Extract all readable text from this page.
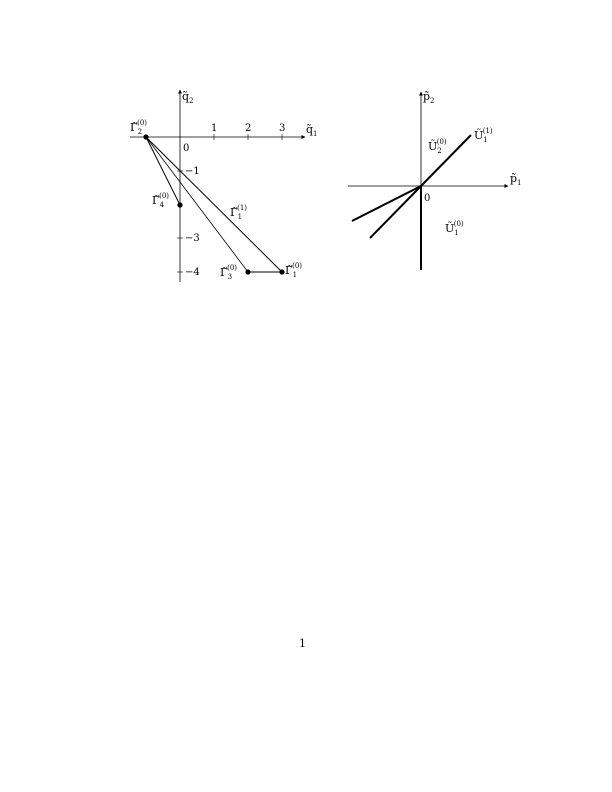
$q̃_2$
$q̃_1$
1	2	3
0
−1
−3
−4
$\Gammã_2(0)$
$\Gammã_4(0)$
$\Gammã_3(0)$	$\Gammã_1(0)$
$\Gammã_1(1)$
$p̃_2$
$p̃_1$
0
$Ũ_2(0)$ $Ũ_1(1)$
$Ũ_1(0)$
1
